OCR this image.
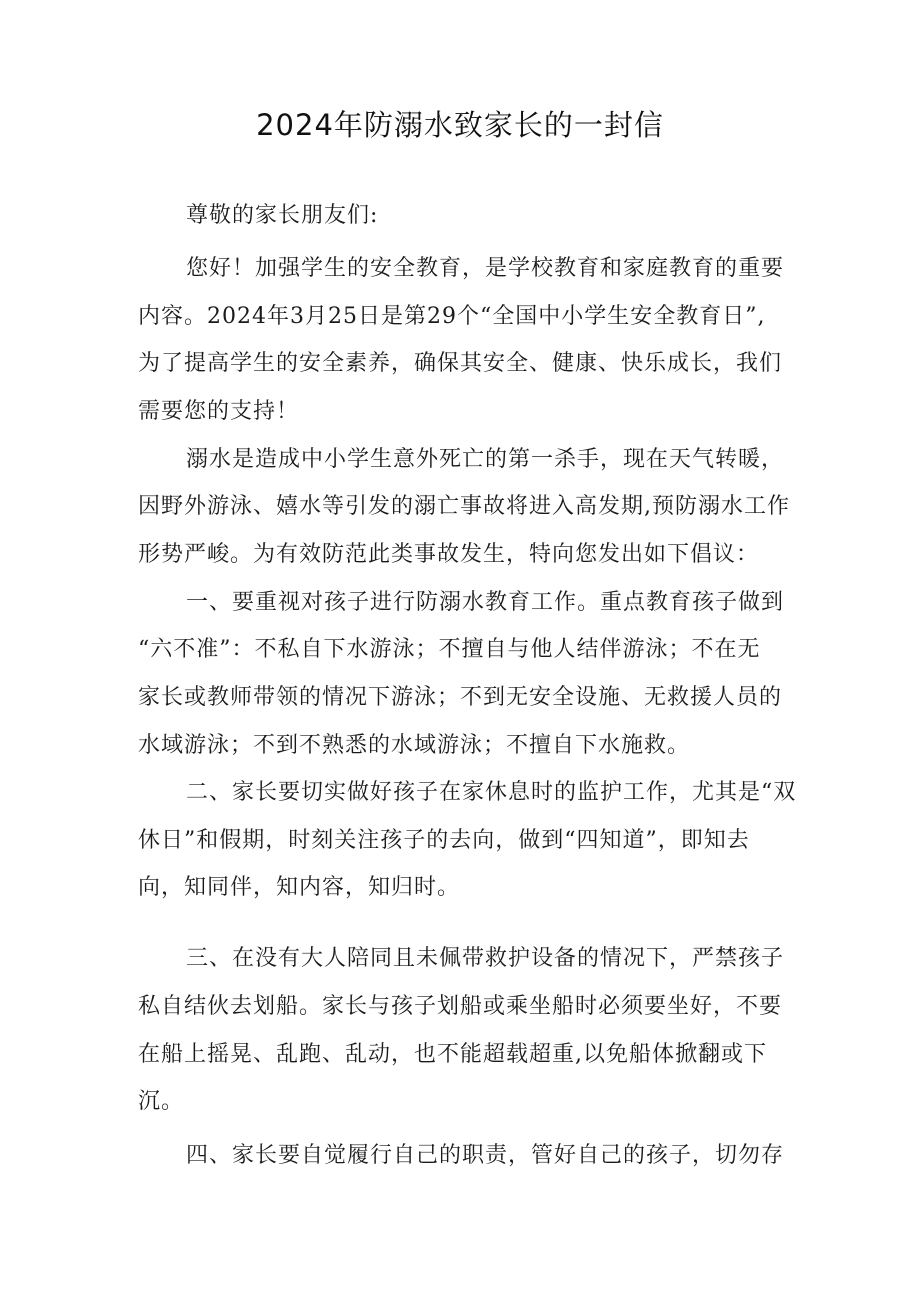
2024年防溺水致家长的一封信
尊敬的家长朋友们:
您好！加强学生的安全教育，是学校教育和家庭教育的重要
内容。2024年3月25日是第29个“全国中小学生安全教育日”,
为了提高学生的安全素养，确保其安全、健康、快乐成长，我们
需要您的支持！
溺水是造成中小学生意外死亡的第一杀手，现在天气转暖，
因野外游泳、嬉水等引发的溺亡事故将进入高发期,预防溺水工作
形势严峻。为有效防范此类事故发生，特向您发出如下倡议：
一、要重视对孩子进行防溺水教育工作。重点教育孩子做到
“六不准”：不私自下水游泳；不擅自与他人结伴游泳；不在无
家长或教师带领的情况下游泳；不到无安全设施、无救援人员的
水域游泳；不到不熟悉的水域游泳；不擅自下水施救。
二、家长要切实做好孩子在家休息时的监护工作，尤其是“双
休日”和假期，时刻关注孩子的去向，做到“四知道”，即知去
向，知同伴，知内容，知归时。
三、在没有大人陪同且未佩带救护设备的情况下，严禁孩子
私自结伙去划船。家长与孩子划船或乘坐船时必须要坐好，不要
在船上摇晃、乱跑、乱动，也不能超载超重,以免船体掀翻或下
沉。
四、家长要自觉履行自己的职责，管好自己的孩子，切勿存
